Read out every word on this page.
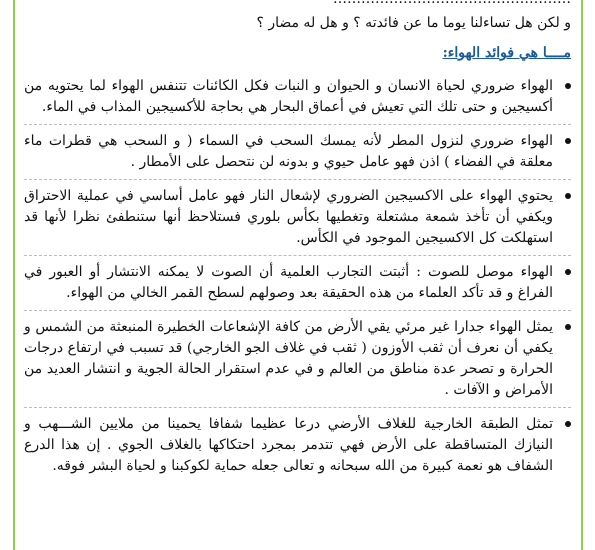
و لكن هل تساءلنا يوما ما عن فائدته ؟ و هل له مضار ؟
مــــا هي فوائد الهواء:
الهواء ضروري لحياة الانسان و الحيوان و النبات فكل الكائنات تتنفس الهواء لما يحتويه من أكسيجين و حتى تلك التي تعيش في أعماق البحار هي بحاجة للأكسيجين المذاب في الماء.
الهواء ضروري لنزول المطر لأنه يمسك السحب في السماء ( و السحب هي قطرات ماء معلقة في الفضاء ) اذن فهو عامل حيوي و بدونه لن نتحصل على الأمطار .
يحتوي الهواء على الاكسيجين الضروري لإشعال النار فهو عامل أساسي في عملية الاحتراق ويكفي أن تأخذ شمعة مشتعلة وتغطيها بكأس بلوري فستلاحظ أنها ستنطفئ نظرا لأنها قد استهلكت كل الاكسيجين الموجود في الكأس.
الهواء موصل للصوت : أثبتت التجارب العلمية أن الصوت لا يمكنه الانتشار أو العبور في الفراغ و قد تأكد العلماء من هذه الحقيقة بعد وصولهم لسطح القمر الخالي من الهواء.
يمثل الهواء جدارا غير مرئي يقي الأرض من كافة الإشعاعات الخطيرة المنبعثة من الشمس و يكفي أن نعرف أن ثقب الأوزون ( ثقب في غلاف الجو الخارجي) قد تسبب في ارتفاع درجات الحرارة و تصحر عدة مناطق من العالم و في عدم استقرار الحالة الجوية و انتشار العديد من الأمراض و الآفات .
تمثل الطبقة الخارجية للغلاف الأرضي درعا عظيما شفافا يحمينا من ملايين الشـــهب و النيازك المتساقطة على الأرض فهي تتدمر بمجرد احتكاكها بالغلاف الجوي . إن هذا الدرع الشفاف هو نعمة كبيرة من الله سبحانه و تعالى جعله حماية لكوكبنا و لحياة البشر فوقه.
